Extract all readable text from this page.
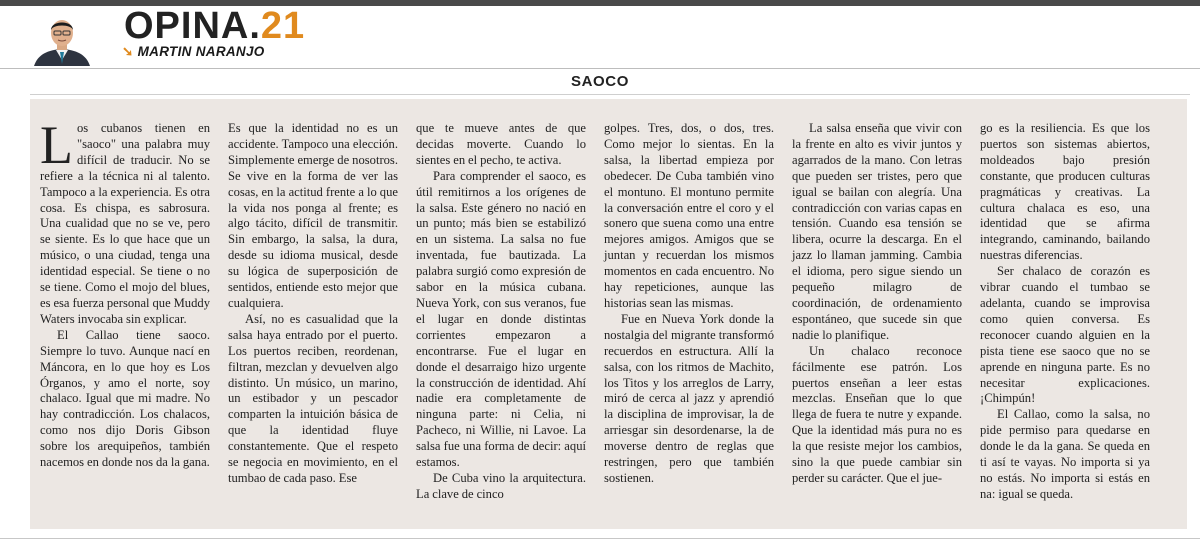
OPINA.21
➘ MARTIN NARANJO
SAOCO

Los cubanos tienen en "saoco" una palabra muy difícil de traducir. No se refiere a la técnica ni al talento. Tampoco a la experiencia. Es otra cosa. Es chispa, es sabrosura. Una cualidad que no se ve, pero se siente. Es lo que hace que un músico, o una ciudad, tenga una identidad especial. Se tiene o no se tiene. Como el mojo del blues, es esa fuerza personal que Muddy Waters invocaba sin explicar.

El Callao tiene saoco. Siempre lo tuvo. Aunque nací en Máncora, en lo que hoy es Los Órganos, y amo el norte, soy chalaco. Igual que mi madre. No hay contradicción. Los chalacos, como nos dijo Doris Gibson sobre los arequipeños, también nacemos en donde nos da la gana.

Es que la identidad no es un accidente. Tampoco una elección. Simplemente emerge de nosotros. Se vive en la forma de ver las cosas, en la actitud frente a lo que la vida nos ponga al frente; es algo tácito, difícil de transmitir. Sin embargo, la salsa, la dura, desde su idioma musical, desde su lógica de superposición de sentidos, entiende esto mejor que cualquiera.

Así, no es casualidad que la salsa haya entrado por el puerto. Los puertos reciben, reordenan, filtran, mezclan y devuelven algo distinto. Un músico, un marino, un estibador y un pescador comparten la intuición básica de que la identidad fluye constantemente. Que el respeto se negocia en movimiento, en el tumbao de cada paso. Ese

que te mueve antes de que decidas moverte. Cuando lo sientes en el pecho, te activa.

Para comprender el saoco, es útil remitirnos a los orígenes de la salsa. Este género no nació en un punto; más bien se estabilizó en un sistema. La salsa no fue inventada, fue bautizada. La palabra surgió como expresión de sabor en la música cubana. Nueva York, con sus veranos, fue el lugar en donde distintas corrientes empezaron a encontrarse. Fue el lugar en donde el desarraigo hizo urgente la construcción de identidad. Ahí nadie era completamente de ninguna parte: ni Celia, ni Pacheco, ni Willie, ni Lavoe. La salsa fue una forma de decir: aquí estamos.

De Cuba vino la arquitectura. La clave de cinco

golpes. Tres, dos, o dos, tres. Como mejor lo sientas. En la salsa, la libertad empieza por obedecer. De Cuba también vino el montuno. El montuno permite la conversación entre el coro y el sonero que suena como una entre mejores amigos. Amigos que se juntan y recuerdan los mismos momentos en cada encuentro. No hay repeticiones, aunque las historias sean las mismas.

Fue en Nueva York donde la nostalgia del migrante transformó recuerdos en estructura. Allí la salsa, con los ritmos de Machito, los Titos y los arreglos de Larry, miró de cerca al jazz y aprendió la disciplina de improvisar, la de arriesgar sin desordenarse, la de moverse dentro de reglas que restringen, pero que también sostienen.

La salsa enseña que vivir con la frente en alto es vivir juntos y agarrados de la mano. Con letras que pueden ser tristes, pero que igual se bailan con alegría. Una contradicción con varias capas en tensión. Cuando esa tensión se libera, ocurre la descarga. En el jazz lo llaman jamming. Cambia el idioma, pero sigue siendo un pequeño milagro de coordinación, de ordenamiento espontáneo, que sucede sin que nadie lo planifique.

Un chalaco reconoce fácilmente ese patrón. Los puertos enseñan a leer estas mezclas. Enseñan que lo que llega de fuera te nutre y expande. Que la identidad más pura no es la que resiste mejor los cambios, sino la que puede cambiar sin perder su carácter. Que el jue-

go es la resiliencia. Es que los puertos son sistemas abiertos, moldeados bajo presión constante, que producen culturas pragmáticas y creativas. La cultura chalaca es eso, una identidad que se afirma integrando, caminando, bailando nuestras diferencias.

Ser chalaco de corazón es vibrar cuando el tumbao se adelanta, cuando se improvisa como quien conversa. Es reconocer cuando alguien en la pista tiene ese saoco que no se aprende en ninguna parte. Es no necesitar explicaciones. ¡Chimpún!

El Callao, como la salsa, no pide permiso para quedarse en donde le da la gana. Se queda en ti así te vayas. No importa si ya no estás. No importa si estás en na: igual se queda.
